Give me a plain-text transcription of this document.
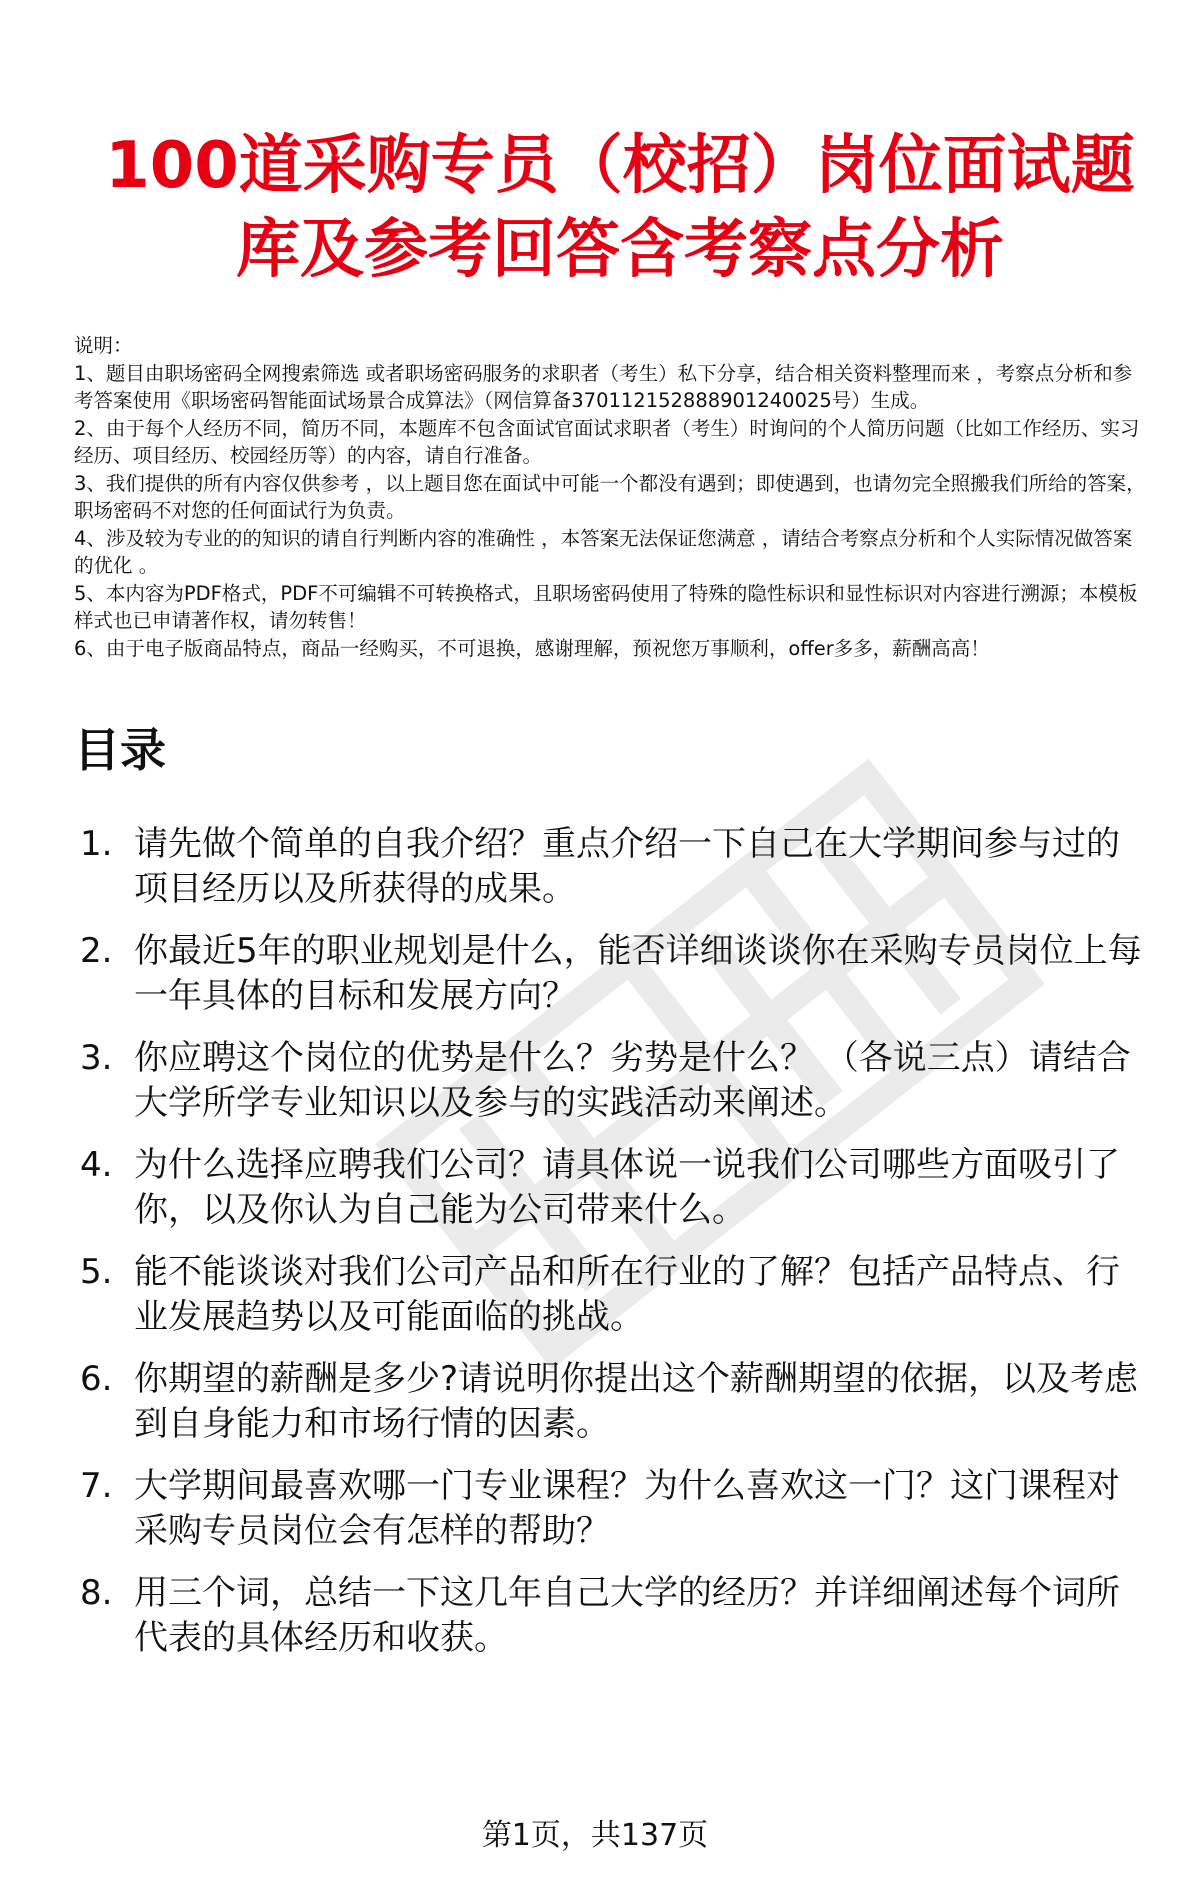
100道采购专员（校招）岗位面试题
库及参考回答含考察点分析

说明：

1、题目由职场密码全网搜索筛选 或者职场密码服务的求职者（考生）私下分享，结合相关资料整理而来 ，考察点分析和参考答案使用《职场密码智能面试场景合成算法》（网信算备370112152888901240025号）生成。

2、由于每个人经历不同，简历不同，本题库不包含面试官面试求职者（考生）时询问的个人简历问题（比如工作经历、实习经历、项目经历、校园经历等）的内容，请自行准备。

3、我们提供的所有内容仅供参考 ，以上题目您在面试中可能一个都没有遇到；即使遇到，也请勿完全照搬我们所给的答案，职场密码不对您的任何面试行为负责。

4、涉及较为专业的的知识的请自行判断内容的准确性 ，本答案无法保证您满意 ，请结合考察点分析和个人实际情况做答案的优化 。

5、本内容为PDF格式，PDF不可编辑不可转换格式，且职场密码使用了特殊的隐性标识和显性标识对内容进行溯源；本模板样式也已申请著作权，请勿转售！

6、由于电子版商品特点，商品一经购买，不可退换，感谢理解，预祝您万事顺利，offer多多，薪酬高高！

目录
1. 请先做个简单的自我介绍？重点介绍一下自己在大学期间参与过的项目经历以及所获得的成果。
2. 你最近5年的职业规划是什么，能否详细谈谈你在采购专员岗位上每一年具体的目标和发展方向？
3. 你应聘这个岗位的优势是什么？劣势是什么？ （各说三点）请结合大学所学专业知识以及参与的实践活动来阐述。
4. 为什么选择应聘我们公司？请具体说一说我们公司哪些方面吸引了你，以及你认为自己能为公司带来什么。
5. 能不能谈谈对我们公司产品和所在行业的了解？包括产品特点、行业发展趋势以及可能面临的挑战。
6. 你期望的薪酬是多少?请说明你提出这个薪酬期望的依据，以及考虑到自身能力和市场行情的因素。
7. 大学期间最喜欢哪一门专业课程？为什么喜欢这一门？这门课程对采购专员岗位会有怎样的帮助？
8. 用三个词，总结一下这几年自己大学的经历？并详细阐述每个词所代表的具体经历和收获。
第1页，共137页
